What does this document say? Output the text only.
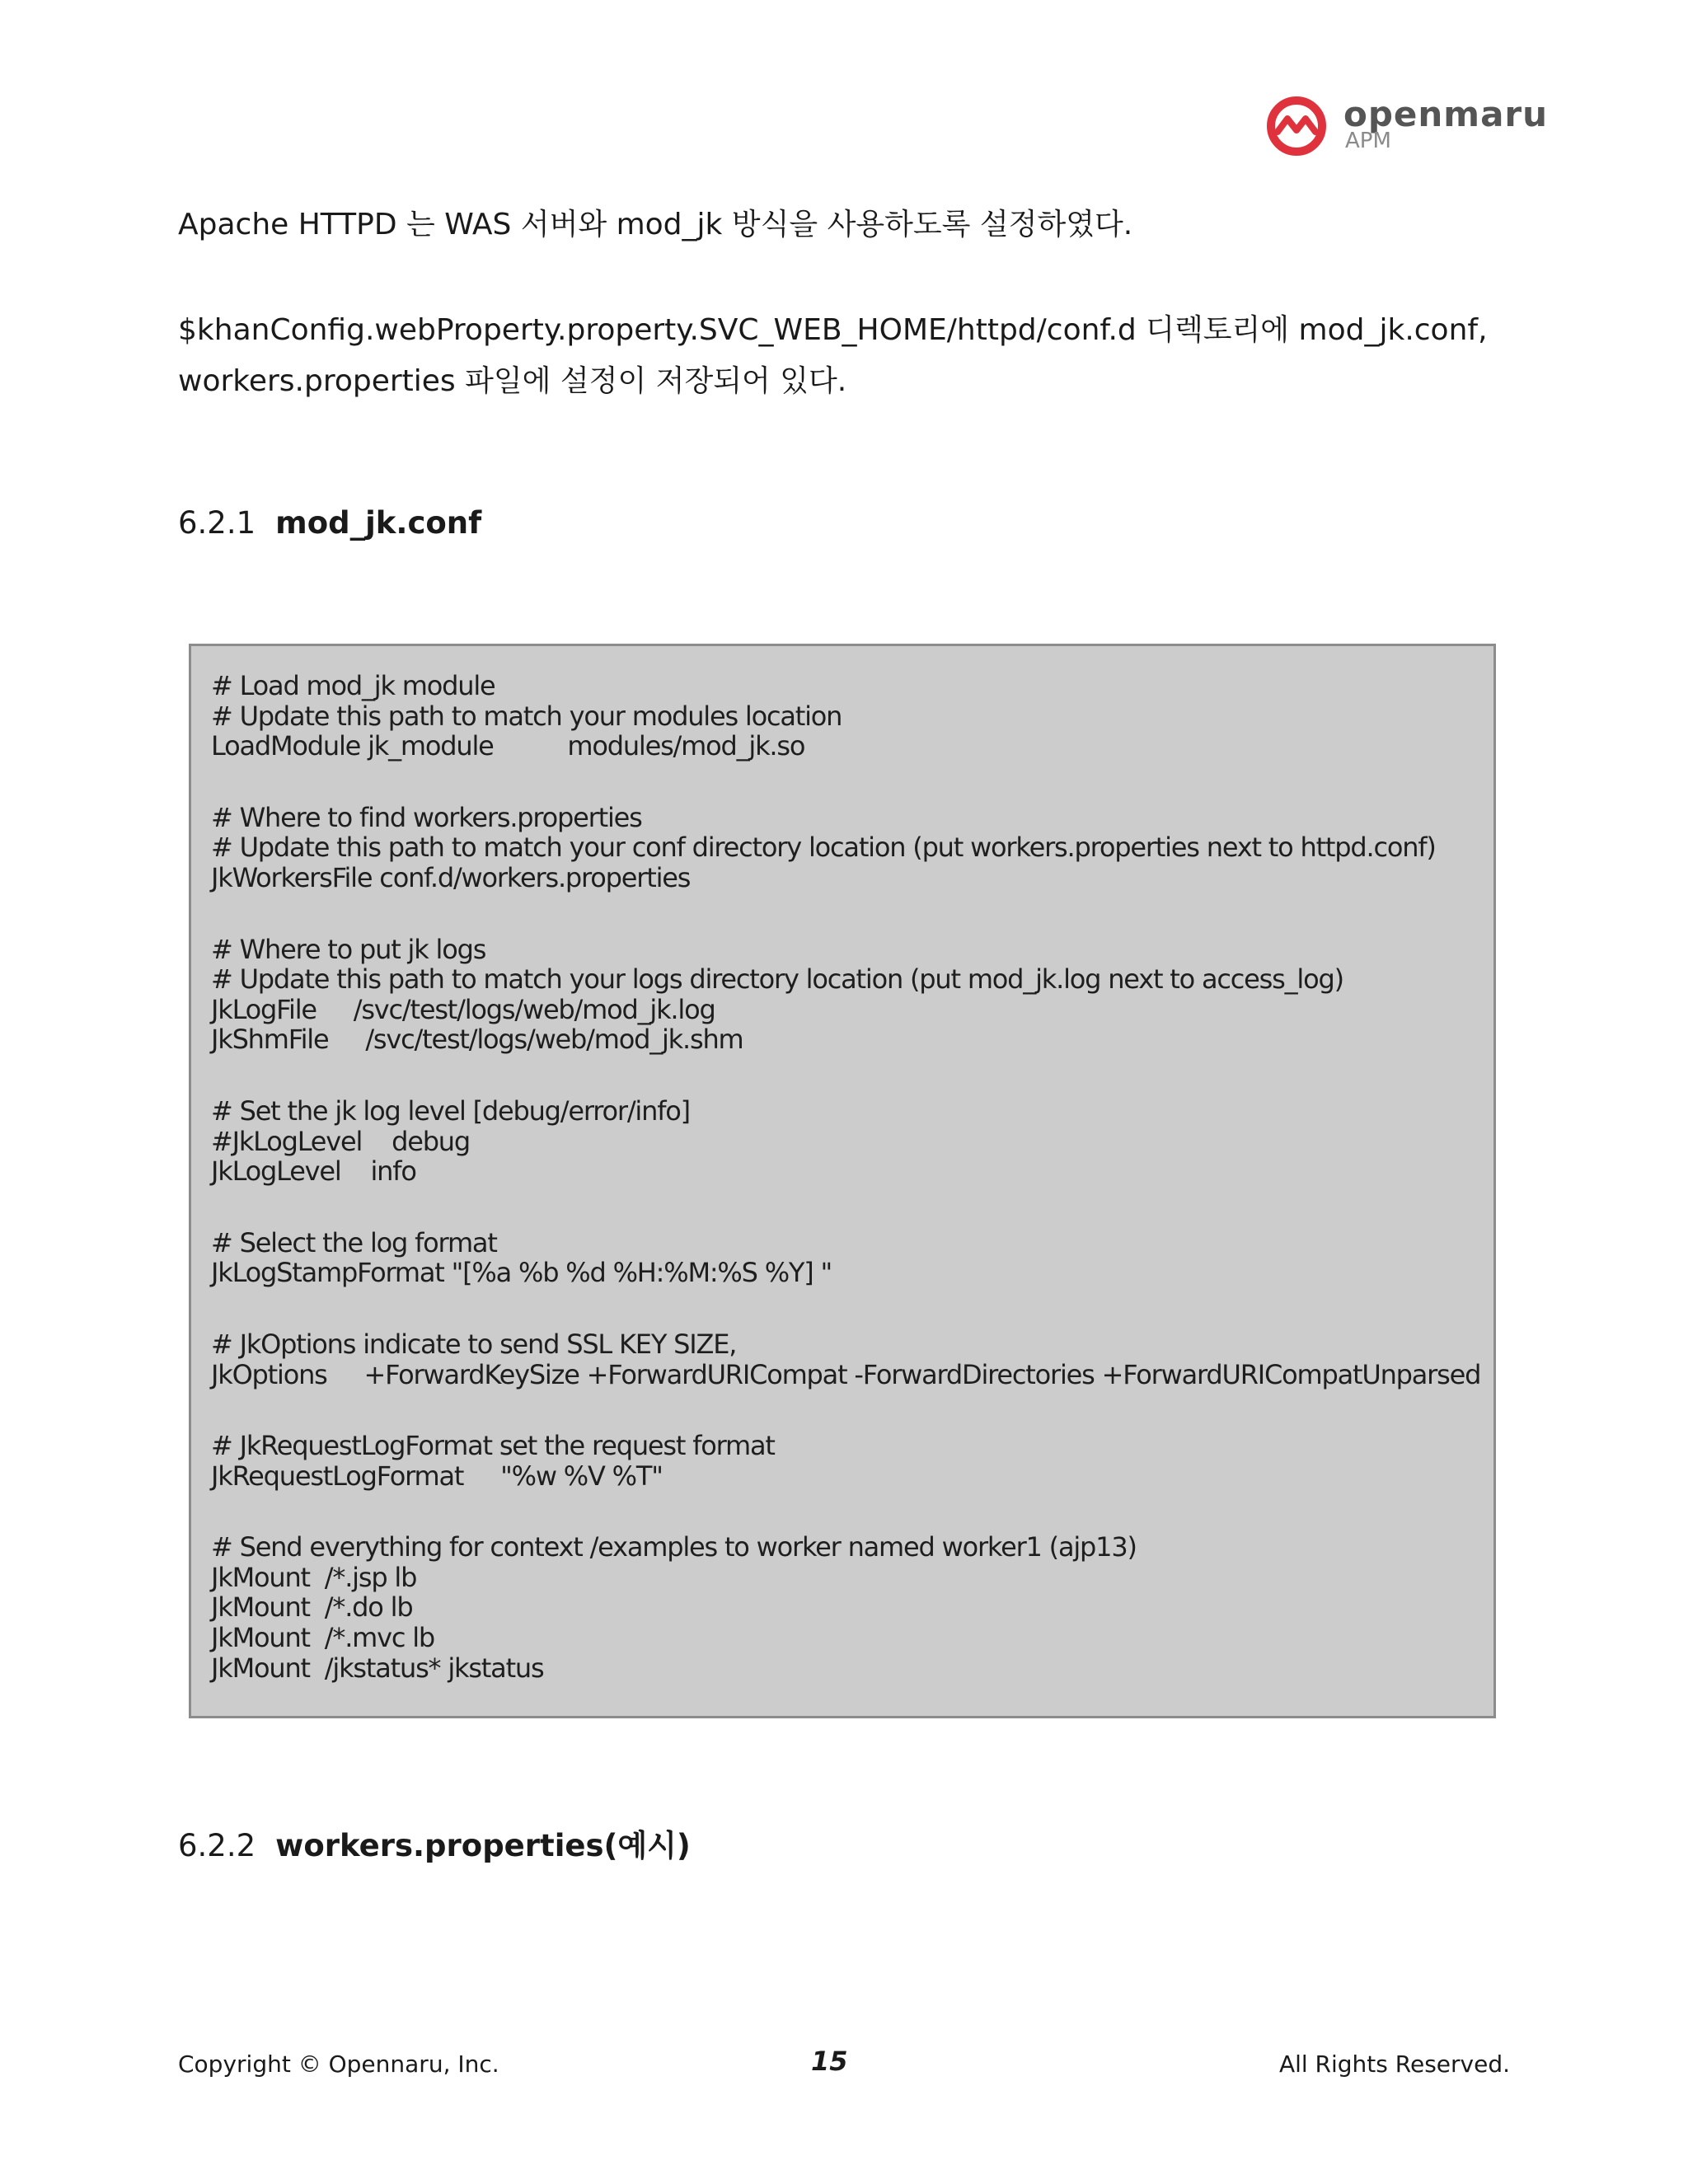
openmaru
APM

Apache HTTPD 는 WAS 서버와 mod_jk 방식을 사용하도록 설정하였다.

$khanConfig.webProperty.property.SVC_WEB_HOME/httpd/conf.d 디렉토리에 mod_jk.conf,

workers.properties 파일에 설정이 저장되어 있다.

6.2.1 mod_jk.conf
# Load mod_jk module
# Update this path to match your modules location
LoadModule jk_module          modules/mod_jk.so
# Where to find workers.properties
# Update this path to match your conf directory location (put workers.properties next to httpd.conf)
JkWorkersFile conf.d/workers.properties
# Where to put jk logs
# Update this path to match your logs directory location (put mod_jk.log next to access_log)
JkLogFile     /svc/test/logs/web/mod_jk.log
JkShmFile     /svc/test/logs/web/mod_jk.shm
# Set the jk log level [debug/error/info]
#JkLogLevel    debug
JkLogLevel    info
# Select the log format
JkLogStampFormat "[%a %b %d %H:%M:%S %Y] "
# JkOptions indicate to send SSL KEY SIZE,
JkOptions     +ForwardKeySize +ForwardURICompat -ForwardDirectories +ForwardURICompatUnparsed
# JkRequestLogFormat set the request format
JkRequestLogFormat     "%w %V %T"
# Send everything for context /examples to worker named worker1 (ajp13)
JkMount  /*.jsp lb
JkMount  /*.do lb
JkMount  /*.mvc lb
JkMount  /jkstatus* jkstatus
6.2.2 workers.properties(예시)
Copyright © Opennaru, Inc.	15	All Rights Reserved.
